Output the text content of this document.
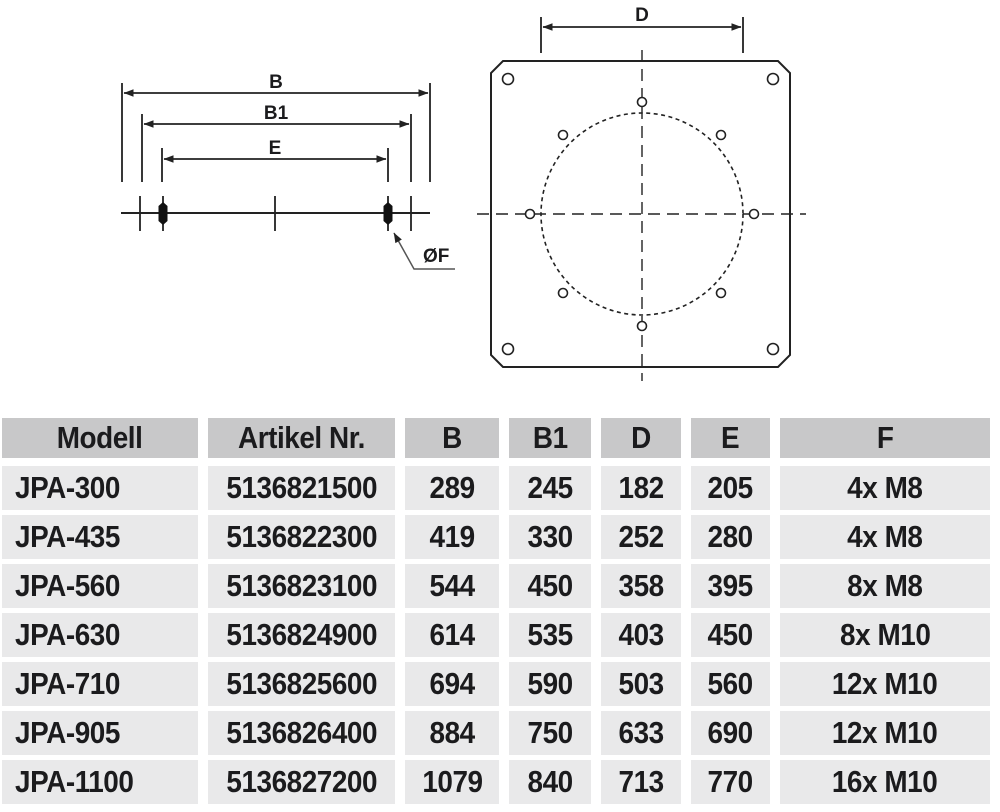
B
B1
E
ØF
D
Modell	Artikel Nr. B B1 D E	F
JPA-300	5136821500 289 245 182 205	4x M8
JPA-435	5136822300 419 330 252 280	4x M8
JPA-560	5136823100 544 450 358 395	8x M8
JPA-630	5136824900 614 535 403 450	8x M10
JPA-710	5136825600 694 590 503 560	12x M10
JPA-905	5136826400 884 750 633 690	12x M10
JPA-1100	5136827200 1079 840 713 770	16x M10
